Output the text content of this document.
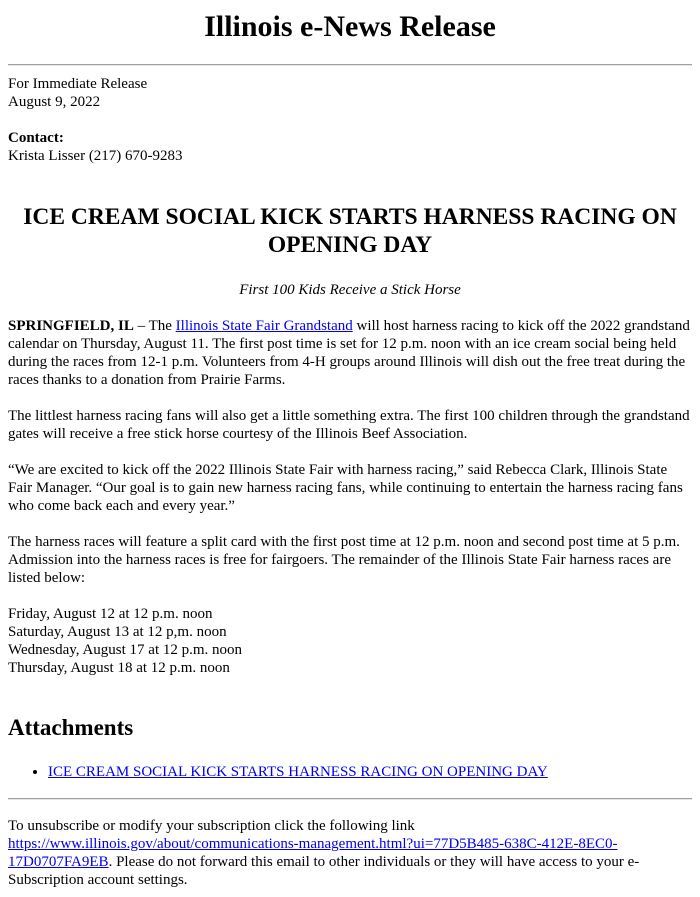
Illinois e-News Release
For Immediate Release
August 9, 2022
Contact:
Krista Lisser (217) 670-9283
ICE CREAM SOCIAL KICK STARTS HARNESS RACING ON OPENING DAY
First 100 Kids Receive a Stick Horse

SPRINGFIELD, IL – The Illinois State Fair Grandstand will host harness racing to kick off the 2022 grandstand calendar on Thursday, August 11. The first post time is set for 12 p.m. noon with an ice cream social being held during the races from 12-1 p.m. Volunteers from 4-H groups around Illinois will dish out the free treat during the races thanks to a donation from Prairie Farms.

The littlest harness racing fans will also get a little something extra. The first 100 children through the grandstand gates will receive a free stick horse courtesy of the Illinois Beef Association.

“We are excited to kick off the 2022 Illinois State Fair with harness racing,” said Rebecca Clark, Illinois State Fair Manager. “Our goal is to gain new harness racing fans, while continuing to entertain the harness racing fans who come back each and every year.”

The harness races will feature a split card with the first post time at 12 p.m. noon and second post time at 5 p.m. Admission into the harness races is free for fairgoers. The remainder of the Illinois State Fair harness races are listed below:

Friday, August 12 at 12 p.m. noon
Saturday, August 13 at 12 p,m. noon
Wednesday, August 17 at 12 p.m. noon
Thursday, August 18 at 12 p.m. noon
Attachments
• ICE CREAM SOCIAL KICK STARTS HARNESS RACING ON OPENING DAY
To unsubscribe or modify your subscription click the following link
https://www.illinois.gov/about/communications-management.html?ui=77D5B485-638C-412E-8EC0-17D0707FA9EB. Please do not forward this email to other individuals or they will have access to your e-Subscription account settings.
